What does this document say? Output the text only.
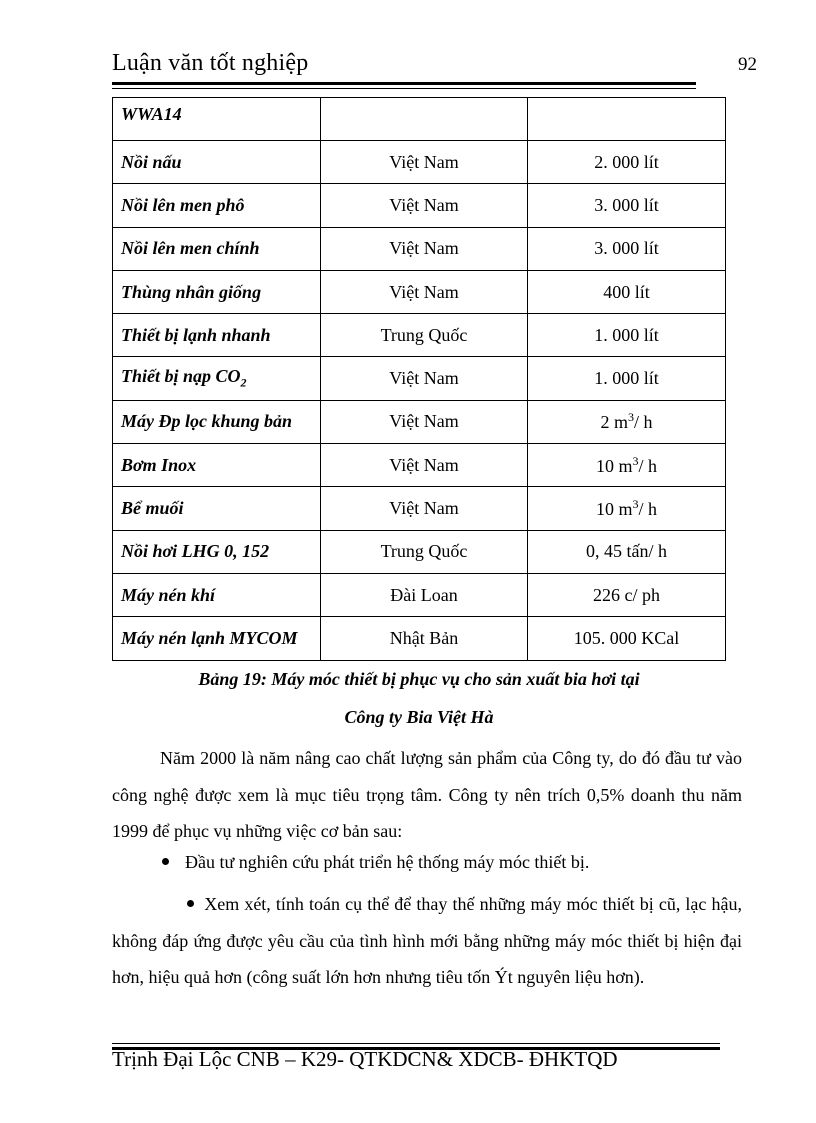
Luận văn tốt nghiệp	92
WWA14		
Nồi nấu	Việt Nam	2. 000 lít
Nồi lên men phô	Việt Nam	3. 000 lít
Nồi lên men chính	Việt Nam	3. 000 lít
Thùng nhân giống	Việt Nam	400 lít
Thiết bị lạnh nhanh	Trung Quốc	1. 000 lít
Thiết bị nạp $CO_2$	Việt Nam	1. 000 lít
Máy Đp lọc khung bản	Việt Nam	2 $m^3/$ h
Bơm Inox	Việt Nam	10 $m^3/$ h
Bể muối	Việt Nam	10 $m^3/$ h
Nồi hơi LHG 0, 152	Trung Quốc	0, 45 tấn/ h
Máy nén khí	Đài Loan	226 c/ ph
Máy nén lạnh MYCOM	Nhật Bản	105. 000 KCal
Bảng 19: Máy móc thiết bị phục vụ cho sản xuất bia hơi tại
Công ty Bia Việt Hà
Năm 2000 là năm nâng cao chất lượng sản phẩm của Công ty, do đó đầu tư vào công nghệ được xem là mục tiêu trọng tâm. Công ty nên trích 0,5% doanh thu năm 1999 để phục vụ những việc cơ bản sau:
Đầu tư nghiên cứu phát triển hệ thống máy móc thiết bị.
Xem xét, tính toán cụ thể để thay thế những máy móc thiết bị cũ, lạc hậu, không đáp ứng được yêu cầu của tình hình mới bằng những máy móc thiết bị hiện đại hơn, hiệu quả hơn (công suất lớn hơn nhưng tiêu tốn Ýt nguyên liệu hơn).
Trịnh Đại Lộc CNB – K29- QTKDCN& XDCB- ĐHKTQD
